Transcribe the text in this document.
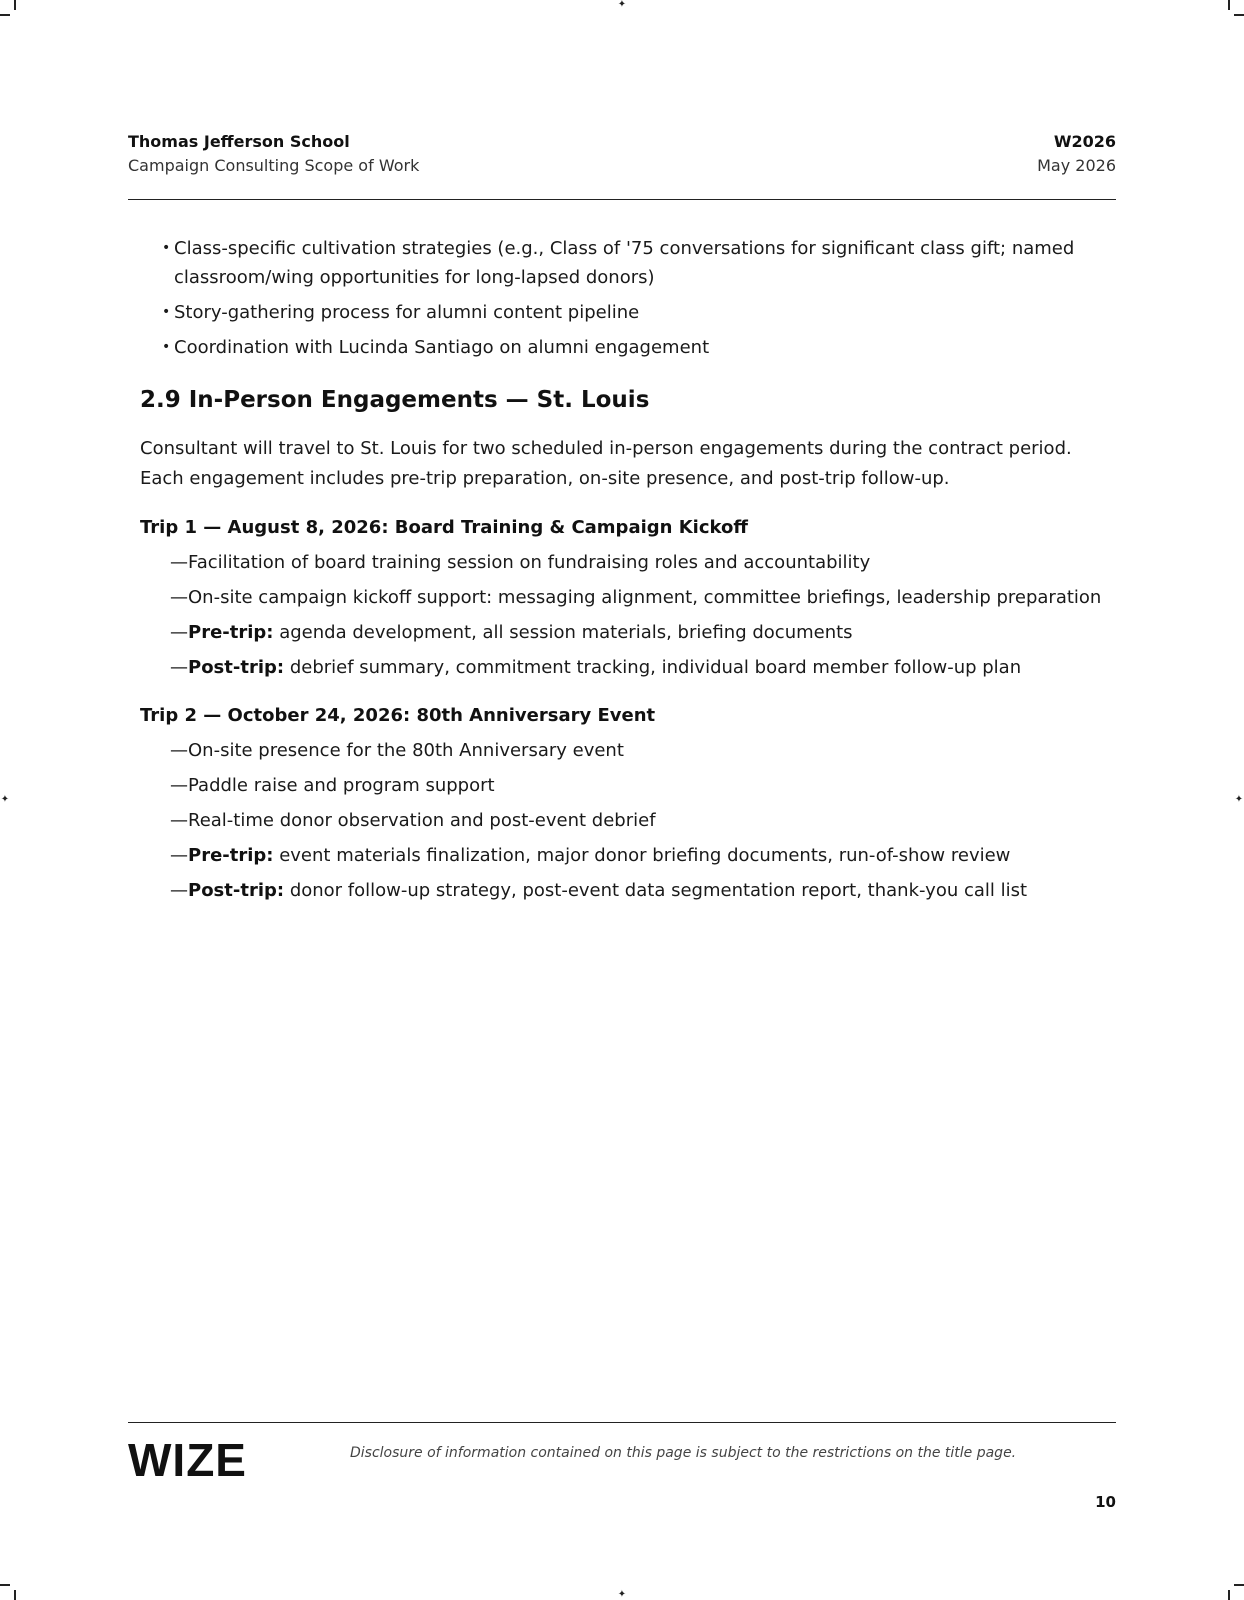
✦
✦
✦	✦
Thomas Jefferson School
Campaign Consulting Scope of Work
W2026
May 2026
• Class-specific cultivation strategies (e.g., Class of '75 conversations for significant class gift; named classroom/wing opportunities for long-lapsed donors)
• Story-gathering process for alumni content pipeline
• Coordination with Lucinda Santiago on alumni engagement
2.9 In-Person Engagements — St. Louis

Consultant will travel to St. Louis for two scheduled in-person engagements during the contract period. Each engagement includes pre-trip preparation, on-site presence, and post-trip follow-up.

Trip 1 — August 8, 2026: Board Training & Campaign Kickoff
— Facilitation of board training session on fundraising roles and accountability
— On-site campaign kickoff support: messaging alignment, committee briefings, leadership preparation
— Pre-trip: agenda development, all session materials, briefing documents
— Post-trip: debrief summary, commitment tracking, individual board member follow-up plan
Trip 2 — October 24, 2026: 80th Anniversary Event
— On-site presence for the 80th Anniversary event
— Paddle raise and program support
— Real-time donor observation and post-event debrief
— Pre-trip: event materials finalization, major donor briefing documents, run-of-show review
— Post-trip: donor follow-up strategy, post-event data segmentation report, thank-you call list
WIZE	Disclosure of information contained on this page is subject to the restrictions on the title page.
10
